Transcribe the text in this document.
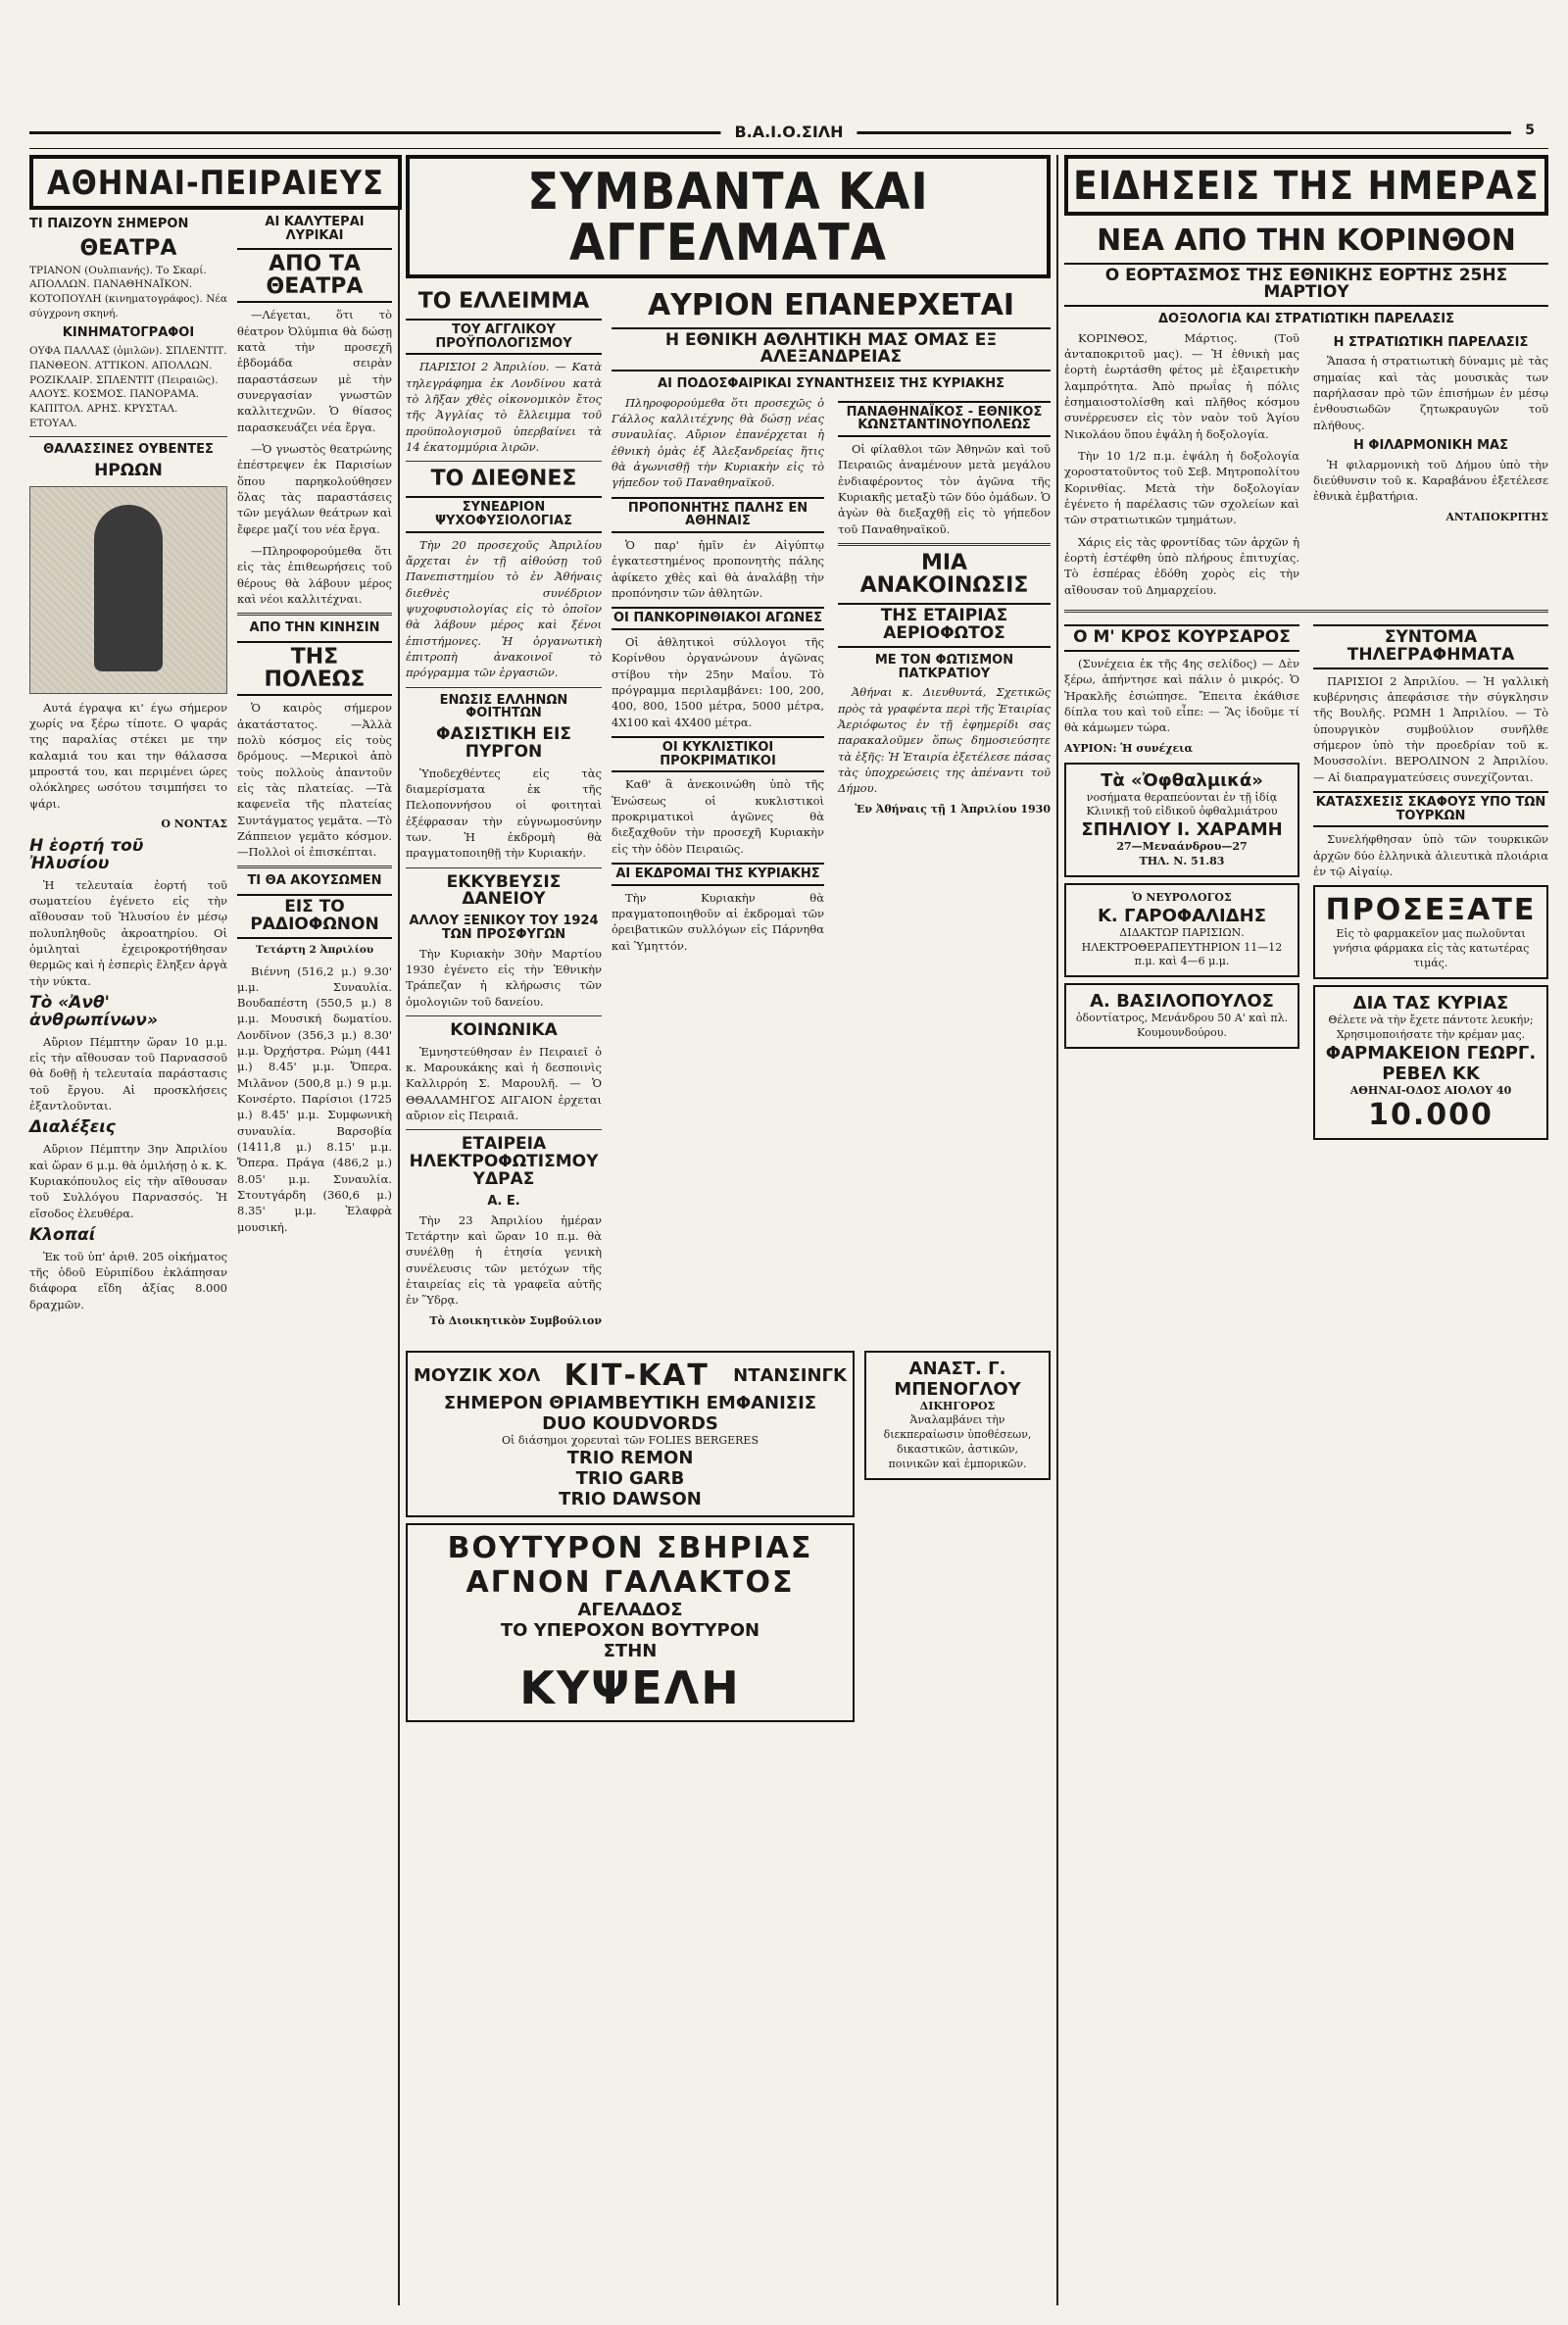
Β.Α.Ι.Ο.ΣΙΛΗ	5
ΑΘΗΝΑΙ-ΠΕΙΡΑΙΕΥΣ
ΤΙ ΠΑΙΖΟΥΝ ΣΗΜΕΡΟΝ
ΘΕΑΤΡΑ

ΤΡΙΑΝΟΝ (Ουλπιανής). Το Σκαρί. ΑΠΟΛΛΩΝ. ΠΑΝΑΘΗΝΑΪΚΟΝ. ΚΟΤΟΠΟΥΛΗ (κινηματογράφος). Νέα σύγχρονη σκηνή.

ΚΙΝΗΜΑΤΟΓΡΑΦΟΙ

ΟΥΦΑ ΠΑΛΛΑΣ (ὁμιλῶν). ΣΠΛΕΝΤΙΤ. ΠΑΝΘΕΟΝ. ΑΤΤΙΚΟΝ. ΑΠΟΛΛΩΝ. ΡΟΖΙΚΛΑΙΡ. ΣΠΛΕΝΤΙΤ (Πειραιῶς). ΑΛΟΥΣ. ΚΟΣΜΟΣ. ΠΑΝΟΡΑΜΑ. ΚΑΠΙΤΟΛ. ΑΡΗΣ. ΚΡΥΣΤΑΛ. ΕΤΟΥΑΛ.

ΘΑΛΑΣΣΙΝΕΣ ΟΥΒΕΝΤΕΣ
ΗΡΩΩΝ

Αυτά έγραψα κι' έγω σήμερον χωρίς να ξέρω τίποτε. Ο ψαράς της παραλίας στέκει με την καλαμιά του και την θάλασσα μπροστά του, και περιμένει ώρες ολόκληρες ωσότου τσιμπήσει το ψάρι.

Ο ΝΟΝΤΑΣ
Η ἑορτή τοῦ Ἠλυσίου

Ἡ τελευταία ἑορτή τοῦ σωματείου ἐγένετο εἰς τὴν αἴθουσαν τοῦ Ἠλυσίου ἐν μέσῳ πολυπληθοῦς ἀκροατηρίου. Οἱ ὁμιληταὶ ἐχειροκροτήθησαν θερμῶς καὶ ἡ ἑσπερὶς ἔληξεν ἀργὰ τὴν νύκτα.

Τὸ «Ἀνθ' ἀνθρωπίνων»

Αὔριον Πέμπτην ὥραν 10 μ.μ. εἰς τὴν αἴθουσαν τοῦ Παρνασσοῦ θὰ δοθῇ ἡ τελευταία παράστασις τοῦ ἔργου. Αἱ προσκλήσεις ἐξαντλοῦνται.

Διαλέξεις

Αὔριον Πέμπτην 3ην Ἀπριλίου καὶ ὥραν 6 μ.μ. θὰ ὁμιλήσῃ ὁ κ. Κ. Κυριακόπουλος εἰς τὴν αἴθουσαν τοῦ Συλλόγου Παρνασσός. Ἡ εἴσοδος ἐλευθέρα.

Κλοπαί

Ἐκ τοῦ ὑπ' ἀριθ. 205 οἰκήματος τῆς ὁδοῦ Εὐριπίδου ἐκλάπησαν διάφορα εἴδη ἀξίας 8.000 δραχμῶν.

ΑΙ ΚΑΛΥΤΕΡΑΙ ΛΥΡΙΚΑΙ
ΑΠΟ ΤΑ ΘΕΑΤΡΑ

—Λέγεται, ὅτι τὸ θέατρον Ὀλύμπια θὰ δώσῃ κατὰ τὴν προσεχῆ ἑβδομάδα σειρὰν παραστάσεων μὲ τὴν συνεργασίαν γνωστῶν καλλιτεχνῶν. Ὁ θίασος παρασκευάζει νέα ἔργα.

—Ὁ γνωστὸς θεατρώνης ἐπέστρεψεν ἐκ Παρισίων ὅπου παρηκολούθησεν ὅλας τὰς παραστάσεις τῶν μεγάλων θεάτρων καὶ ἔφερε μαζί του νέα ἔργα.

—Πληροφορούμεθα ὅτι εἰς τὰς ἐπιθεωρήσεις τοῦ θέρους θὰ λάβουν μέρος καὶ νέοι καλλιτέχναι.

ΑΠΟ ΤΗΝ ΚΙΝΗΣΙΝ
ΤΗΣ ΠΟΛΕΩΣ

Ὁ καιρὸς σήμερον ἀκατάστατος. —Ἀλλὰ πολὺ κόσμος εἰς τοὺς δρόμους. —Μερικοὶ ἀπὸ τοὺς πολλοὺς ἀπαντοῦν εἰς τὰς πλατείας. —Τὰ καφενεῖα τῆς πλατείας Συντάγματος γεμᾶτα. —Τὸ Ζάππειον γεμᾶτο κόσμον. —Πολλοὶ οἱ ἐπισκέπται.

ΤΙ ΘΑ ΑΚΟΥΣΩΜΕΝ
ΕΙΣ ΤΟ ΡΑΔΙΟΦΩΝΟΝ
Τετάρτη 2 Ἀπριλίου

Βιέννη (516,2 μ.) 9.30' μ.μ. Συναυλία. Βουδαπέστη (550,5 μ.) 8 μ.μ. Μουσική δωματίου. Λονδῖνον (356,3 μ.) 8.30' μ.μ. Ὀρχήστρα. Ρώμη (441 μ.) 8.45' μ.μ. Ὄπερα. Μιλᾶνον (500,8 μ.) 9 μ.μ. Κονσέρτο. Παρίσιοι (1725 μ.) 8.45' μ.μ. Συμφωνικὴ συναυλία. Βαρσοβία (1411,8 μ.) 8.15' μ.μ. Ὄπερα. Πράγα (486,2 μ.) 8.05' μ.μ. Συναυλία. Στουτγάρδη (360,6 μ.) 8.35' μ.μ. Ἐλαφρὰ μουσική.

ΣΥΜΒΑΝΤΑ ΚΑΙ ΑΓΓΕΛΜΑΤΑ
ΤΟ ΕΛΛΕΙΜΜΑ
ΤΟΥ ΑΓΓΛΙΚΟΥ ΠΡΟΫΠΟΛΟΓΙΣΜΟΥ

ΠΑΡΙΣΙΟΙ 2 Ἀπριλίου. — Κατὰ τηλεγράφημα ἐκ Λονδίνου κατὰ τὸ λῆξαν χθὲς οἰκονομικὸν ἔτος τῆς Ἀγγλίας τὸ ἔλλειμμα τοῦ προϋπολογισμοῦ ὑπερβαίνει τὰ 14 ἑκατομμύρια λιρῶν.

ΤΟ ΔΙΕΘΝΕΣ
ΣΥΝΕΔΡΙΟΝ ΨΥΧΟΦΥΣΙΟΛΟΓΙΑΣ

Τὴν 20 προσεχοῦς Ἀπριλίου ἄρχεται ἐν τῇ αἰθούσῃ τοῦ Πανεπιστημίου τὸ ἐν Ἀθήναις διεθνὲς συνέδριον ψυχοφυσιολογίας εἰς τὸ ὁποῖον θὰ λάβουν μέρος καὶ ξένοι ἐπιστήμονες. Ἡ ὀργανωτικὴ ἐπιτροπὴ ἀνακοινοῖ τὸ πρόγραμμα τῶν ἐργασιῶν.

ΕΝΩΣΙΣ ΕΛΛΗΝΩΝ ΦΟΙΤΗΤΩΝ
ΦΑΣΙΣΤΙΚΗ ΕΙΣ ΠΥΡΓΟΝ

Ὑποδεχθέντες εἰς τὰς διαμερίσματα ἐκ τῆς Πελοποννήσου οἱ φοιτηταὶ ἐξέφρασαν τὴν εὐγνωμοσύνην των. Ἡ ἐκδρομὴ θὰ πραγματοποιηθῇ τὴν Κυριακήν.

ΕΚΚΥΒΕΥΣΙΣ ΔΑΝΕΙΟΥ
ΑΛΛΟΥ ΞΕΝΙΚΟΥ ΤΟΥ 1924 ΤΩΝ ΠΡΟΣΦΥΓΩΝ

Τὴν Κυριακὴν 30ὴν Μαρτίου 1930 ἐγένετο εἰς τὴν Ἐθνικὴν Τράπεζαν ἡ κλήρωσις τῶν ὁμολογιῶν τοῦ δανείου.

ΚΟΙΝΩΝΙΚΑ

Ἐμνηστεύθησαν ἐν Πειραιεῖ ὁ κ. Μαρουκάκης καὶ ἡ δεσποινὶς Καλλιρρόη Σ. Μαρουλῆ. — Ὁ ΘΘΑΛΑΜΗΓΟΣ ΑΙΓΑΙΟΝ ἐρχεται αὔριον εἰς Πειραιᾶ.

ΕΤΑΙΡΕΙΑ ΗΛΕΚΤΡΟΦΩΤΙΣΜΟΥ ΥΔΡΑΣ
Α. Ε.

Τὴν 23 Ἀπριλίου ἡμέραν Τετάρτην καὶ ὥραν 10 π.μ. θὰ συνέλθῃ ἡ ἐτησία γενικὴ συνέλευσις τῶν μετόχων τῆς ἑταιρείας εἰς τὰ γραφεῖα αὐτῆς ἐν Ὕδρᾳ.

Τὸ Διοικητικὸν Συμβούλιον
ΑΥΡΙΟΝ ΕΠΑΝΕΡΧΕΤΑΙ
Η ΕΘΝΙΚΗ ΑΘΛΗΤΙΚΗ ΜΑΣ ΟΜΑΣ ΕΞ ΑΛΕΞΑΝΔΡΕΙΑΣ
ΑΙ ΠΟΔΟΣΦΑΙΡΙΚΑΙ ΣΥΝΑΝΤΗΣΕΙΣ ΤΗΣ ΚΥΡΙΑΚΗΣ

Πληροφορούμεθα ὅτι προσεχῶς ὁ Γάλλος καλλιτέχνης θὰ δώσῃ νέας συναυλίας. Αὔριον ἐπανέρχεται ἡ ἐθνικὴ ὁμὰς ἐξ Ἀλεξανδρείας ἥτις θὰ ἀγωνισθῇ τὴν Κυριακὴν εἰς τὸ γήπεδον τοῦ Παναθηναϊκοῦ.

ΠΡΟΠΟΝΗΤΗΣ ΠΑΛΗΣ ΕΝ ΑΘΗΝΑΙΣ

Ὁ παρ' ἡμῖν ἐν Αἰγύπτῳ ἐγκατεστημένος προπονητὴς πάλης ἀφίκετο χθὲς καὶ θὰ ἀναλάβῃ τὴν προπόνησιν τῶν ἀθλητῶν.

ΟΙ ΠΑΝΚΟΡΙΝΘΙΑΚΟΙ ΑΓΩΝΕΣ

Οἱ ἀθλητικοὶ σύλλογοι τῆς Κορίνθου ὀργανώνουν ἀγῶνας στίβου τὴν 25ην Μαΐου. Τὸ πρόγραμμα περιλαμβάνει: 100, 200, 400, 800, 1500 μέτρα, 5000 μέτρα, 4Χ100 καὶ 4Χ400 μέτρα.

ΟΙ ΚΥΚΛΙΣΤΙΚΟΙ ΠΡΟΚΡΙΜΑΤΙΚΟΙ

Καθ' ἃ ἀνεκοινώθη ὑπὸ τῆς Ἑνώσεως οἱ κυκλιστικοὶ προκριματικοὶ ἀγῶνες θὰ διεξαχθοῦν τὴν προσεχῆ Κυριακὴν εἰς τὴν ὁδὸν Πειραιῶς.

ΑΙ ΕΚΔΡΟΜΑΙ ΤΗΣ ΚΥΡΙΑΚΗΣ

Τὴν Κυριακὴν θὰ πραγματοποιηθοῦν αἱ ἐκδρομαὶ τῶν ὀρειβατικῶν συλλόγων εἰς Πάρνηθα καὶ Ὑμηττόν.

ΠΑΝΑΘΗΝΑΪΚΟΣ - ΕΘΝΙΚΟΣ ΚΩΝΣΤΑΝΤΙΝΟΥΠΟΛΕΩΣ

Οἱ φίλαθλοι τῶν Ἀθηνῶν καὶ τοῦ Πειραιῶς ἀναμένουν μετὰ μεγάλου ἐνδιαφέροντος τὸν ἀγῶνα τῆς Κυριακῆς μεταξὺ τῶν δύο ὁμάδων. Ὁ ἀγὼν θὰ διεξαχθῇ εἰς τὸ γήπεδον τοῦ Παναθηναϊκοῦ.

ΜΙΑ ΑΝΑΚΟΙΝΩΣΙΣ
ΤΗΣ ΕΤΑΙΡΙΑΣ ΑΕΡΙΟΦΩΤΟΣ
ΜΕ ΤΟΝ ΦΩΤΙΣΜΟΝ ΠΑΤΚΡΑΤΙΟΥ

Ἀθήναι κ. Διευθυντά, Σχετικῶς πρὸς τὰ γραφέντα περὶ τῆς Ἑταιρίας Ἀεριόφωτος ἐν τῇ ἐφημερίδι σας παρακαλοῦμεν ὅπως δημοσιεύσητε τὰ ἑξῆς: Ἡ Ἑταιρία ἐξετέλεσε πάσας τὰς ὑποχρεώσεις της ἀπέναντι τοῦ Δήμου.

Ἐν Ἀθήναις τῇ 1 Ἀπριλίου 1930
ΜΟΥΖΙΚ ΧΟΛ ΚΙΤ-ΚΑΤ ΝΤΑΝΣΙΝΓΚ
ΣΗΜΕΡΟΝ ΘΡΙΑΜΒΕΥΤΙΚΗ ΕΜΦΑΝΙΣΙΣ
DUO KOUDVORDS
Οἱ διάσημοι χορευταὶ τῶν FOLIES BERGERES
TRIO REMON
TRIO GARB
TRIO DAWSON
ΒΟΥΤΥΡΟΝ ΣΒΗΡΙΑΣ
ΑΓΝΟΝ ΓΑΛΑΚΤΟΣ
ΑΓΕΛΑΔΟΣ
ΤΟ ΥΠΕΡΟΧΟΝ ΒΟΥΤΥΡΟΝ
ΣΤΗΝ
ΚΥΨΕΛΗ
ΑΝΑΣΤ. Γ. ΜΠΕΝΟΓΛΟΥ
ΔΙΚΗΓΟΡΟΣ
Ἀναλαμβάνει τὴν διεκπεραίωσιν ὑποθέσεων, δικαστικῶν, ἀστικῶν, ποινικῶν καὶ ἐμπορικῶν.
ΕΙΔΗΣΕΙΣ ΤΗΣ ΗΜΕΡΑΣ
ΝΕΑ ΑΠΟ ΤΗΝ ΚΟΡΙΝΘΟΝ
Ο ΕΟΡΤΑΣΜΟΣ ΤΗΣ ΕΘΝΙΚΗΣ ΕΟΡΤΗΣ 25ΗΣ ΜΑΡΤΙΟΥ
ΔΟΞΟΛΟΓΙΑ ΚΑΙ ΣΤΡΑΤΙΩΤΙΚΗ ΠΑΡΕΛΑΣΙΣ

ΚΟΡΙΝΘΟΣ, Μάρτιος. (Τοῦ ἀνταποκριτοῦ μας). — Ἡ ἐθνικὴ μας ἑορτὴ ἑωρτάσθη φέτος μὲ ἐξαιρετικὴν λαμπρότητα. Ἀπὸ πρωΐας ἡ πόλις ἐσημαιοστολίσθη καὶ πλῆθος κόσμου συνέρρευσεν εἰς τὸν ναὸν τοῦ Ἁγίου Νικολάου ὅπου ἐψάλη ἡ δοξολογία.

Τὴν 10 1/2 π.μ. ἐψάλη ἡ δοξολογία χοροστατοῦντος τοῦ Σεβ. Μητροπολίτου Κορινθίας. Μετὰ τὴν δοξολογίαν ἐγένετο ἡ παρέλασις τῶν σχολείων καὶ τῶν στρατιωτικῶν τμημάτων.

Χάρις εἰς τὰς φροντίδας τῶν ἀρχῶν ἡ ἑορτὴ ἐστέφθη ὑπὸ πλήρους ἐπιτυχίας. Τὸ ἑσπέρας ἐδόθη χορὸς εἰς τὴν αἴθουσαν τοῦ Δημαρχείου.

Η ΣΤΡΑΤΙΩΤΙΚΗ ΠΑΡΕΛΑΣΙΣ

Ἅπασα ἡ στρατιωτικὴ δύναμις μὲ τὰς σημαίας καὶ τὰς μουσικὰς των παρήλασαν πρὸ τῶν ἐπισήμων ἐν μέσῳ ἐνθουσιωδῶν ζητωκραυγῶν τοῦ πλήθους.

Η ΦΙΛΑΡΜΟΝΙΚΗ ΜΑΣ

Ἡ φιλαρμονικὴ τοῦ Δήμου ὑπὸ τὴν διεύθυνσιν τοῦ κ. Καραβάνου ἐξετέλεσε ἐθνικὰ ἐμβατήρια.

ΑΝΤΑΠΟΚΡΙΤΗΣ
Ο Μ' ΚΡΟΣ ΚΟΥΡΣΑΡΟΣ

(Συνέχεια ἐκ τῆς 4ης σελίδος) — Δὲν ξέρω, ἀπήντησε καὶ πάλιν ὁ μικρός. Ὁ Ἠρακλῆς ἐσιώπησε. Ἔπειτα ἐκάθισε δίπλα του καὶ τοῦ εἶπε: — Ἂς ἰδοῦμε τί θὰ κάμωμεν τώρα.

ΑΥΡΙΟΝ: Ἡ συνέχεια
Τὰ «Ὀφθαλμικά»
νοσήματα θεραπεύονται ἐν τῇ ἰδίᾳ Κλινικῇ τοῦ εἰδικοῦ ὀφθαλμιάτρου
ΣΠΗΛΙΟΥ Ι. ΧΑΡΑΜΗ
27—Μεναάνδρου—27
ΤΗΛ. Ν. 51.83
Ὁ ΝΕΥΡΟΛΟΓΟΣ
Κ. ΓΑΡΟΦΑΛΙΔΗΣ
ΔΙΔΑΚΤΩΡ ΠΑΡΙΣΙΩΝ. ΗΛΕΚΤΡΟΘΕΡΑΠΕΥΤΗΡΙΟΝ 11—12 π.μ. καὶ 4—6 μ.μ.
Α. ΒΑΣΙΛΟΠΟΥΛΟΣ
ὁδοντίατρος, Μενάνδρου 50 Α' καὶ πλ. Κουμουνδούρου.
ΣΥΝΤΟΜΑ ΤΗΛΕΓΡΑΦΗΜΑΤΑ

ΠΑΡΙΣΙΟΙ 2 Ἀπριλίου. — Ἡ γαλλικὴ κυβέρνησις ἀπεφάσισε τὴν σύγκλησιν τῆς Βουλῆς. ΡΩΜΗ 1 Ἀπριλίου. — Τὸ ὑπουργικὸν συμβούλιον συνῆλθε σήμερον ὑπὸ τὴν προεδρίαν τοῦ κ. Μουσσολίνι. ΒΕΡΟΛΙΝΟΝ 2 Ἀπριλίου. — Αἱ διαπραγματεύσεις συνεχίζονται.

ΚΑΤΑΣΧΕΣΙΣ ΣΚΑΦΟΥΣ ΥΠΟ ΤΩΝ ΤΟΥΡΚΩΝ

Συνελήφθησαν ὑπὸ τῶν τουρκικῶν ἀρχῶν δύο ἑλληνικὰ ἁλιευτικὰ πλοιάρια ἐν τῷ Αἰγαίῳ.

ΠΡΟΣΕΞΑΤΕ
Εἰς τὸ φαρμακεῖον μας πωλοῦνται γνήσια φάρμακα εἰς τὰς κατωτέρας τιμάς.
ΔΙΑ ΤΑΣ ΚΥΡΙΑΣ
Θέλετε νὰ τὴν ἔχετε πάντοτε λευκήν; Χρησιμοποιήσατε τὴν κρέμαν μας.
ΦΑΡΜΑΚΕΙΟΝ ΓΕΩΡΓ. ΡΕΒΕΛ ΚΚ
ΑΘΗΝΑΙ-ΟΔΟΣ ΑΙΟΛΟΥ 40
10.000
